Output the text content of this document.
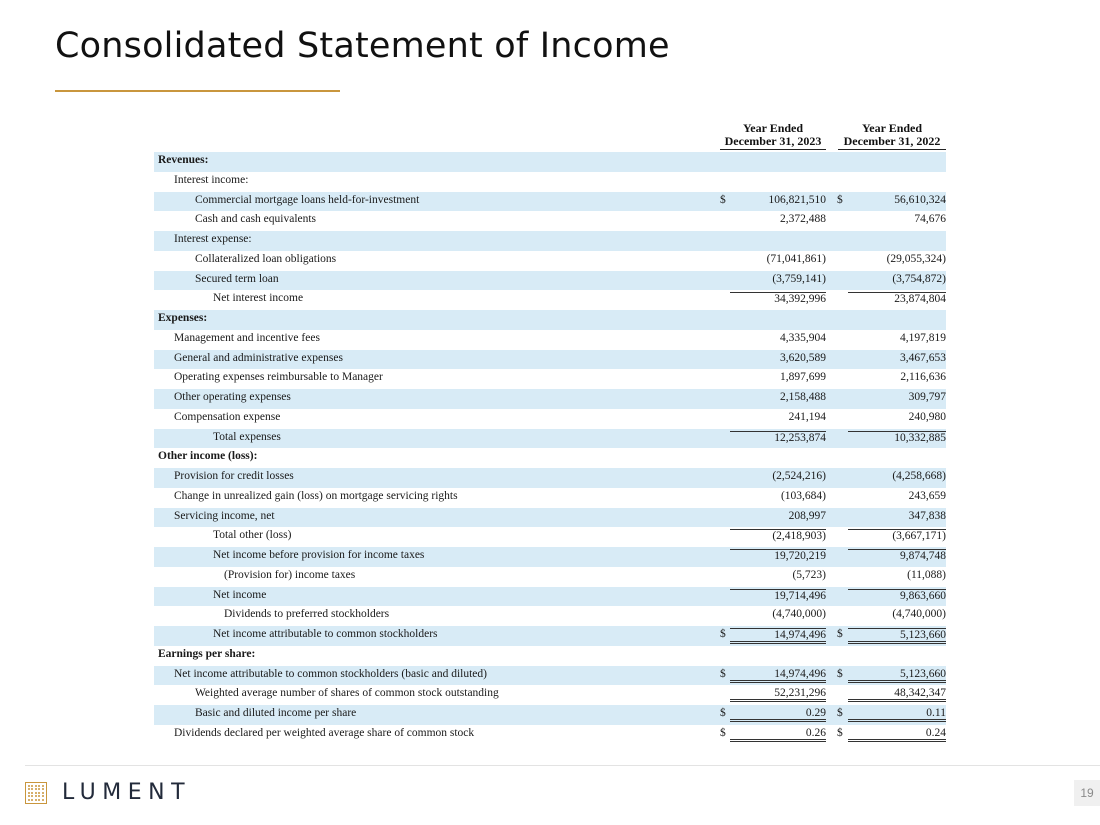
Consolidated Statement of Income
Year Ended
December 31, 2023
Year Ended
December 31, 2022
Revenues:
Interest income:
Commercial mortgage loans held-for-investment	$	106,821,510 $	56,610,324
Cash and cash equivalents	2,372,488	74,676
Interest expense:
Collateralized loan obligations	(71,041,861)	(29,055,324)
Secured term loan	(3,759,141)	(3,754,872)
Net interest income	34,392,996	23,874,804
Expenses:
Management and incentive fees	4,335,904	4,197,819
General and administrative expenses	3,620,589	3,467,653
Operating expenses reimbursable to Manager	1,897,699	2,116,636
Other operating expenses	2,158,488	309,797
Compensation expense	241,194	240,980
Total expenses	12,253,874	10,332,885
Other income (loss):
Provision for credit losses	(2,524,216)	(4,258,668)
Change in unrealized gain (loss) on mortgage servicing rights	(103,684)	243,659
Servicing income, net	208,997	347,838
Total other (loss)	(2,418,903)	(3,667,171)
Net income before provision for income taxes	19,720,219	9,874,748
(Provision for) income taxes	(5,723)	(11,088)
Net income	19,714,496	9,863,660
Dividends to preferred stockholders	(4,740,000)	(4,740,000)
Net income attributable to common stockholders	$	14,974,496 $	5,123,660
Earnings per share:
Net income attributable to common stockholders (basic and diluted)	$	14,974,496 $	5,123,660
Weighted average number of shares of common stock outstanding	52,231,296	48,342,347
Basic and diluted income per share	$	0.29 $	0.11
Dividends declared per weighted average share of common stock	$	0.26 $	0.24
LUMENT	19
